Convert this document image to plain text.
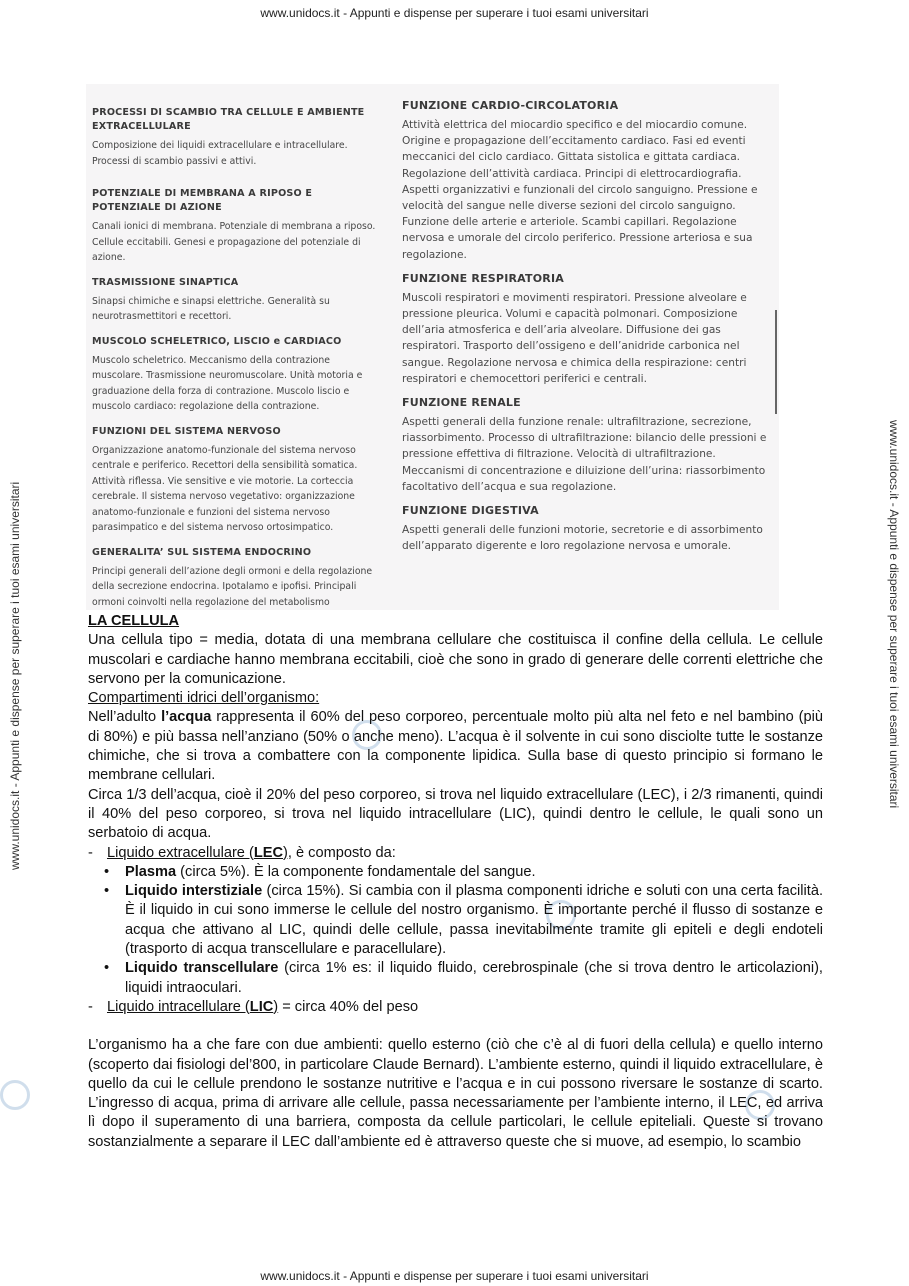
www.unidocs.it - Appunti e dispense per superare i tuoi esami universitari
www.unidocs.it - Appunti e dispense per superare i tuoi esami universitari
www.unidocs.it - Appunti e dispense per superare i tuoi esami universitari	www.unidocs.it - Appunti e dispense per superare i tuoi esami universitari
PROCESSI DI SCAMBIO TRA CELLULE E AMBIENTE EXTRACELLULARE
Composizione dei liquidi extracellulare e intracellulare. Processi di scambio passivi e attivi.
POTENZIALE DI MEMBRANA A RIPOSO E POTENZIALE DI AZIONE
Canali ionici di membrana. Potenziale di membrana a riposo. Cellule eccitabili. Genesi e propagazione del potenziale di azione.
TRASMISSIONE SINAPTICA
Sinapsi chimiche e sinapsi elettriche. Generalità su neurotrasmettitori e recettori.
MUSCOLO SCHELETRICO, LISCIO e CARDIACO
Muscolo scheletrico. Meccanismo della contrazione muscolare. Trasmissione neuromuscolare. Unità motoria e graduazione della forza di contrazione. Muscolo liscio e muscolo cardiaco: regolazione della contrazione.
FUNZIONI DEL SISTEMA NERVOSO
Organizzazione anatomo-funzionale del sistema nervoso centrale e periferico. Recettori della sensibilità somatica. Attività riflessa. Vie sensitive e vie motorie. La corteccia cerebrale. Il sistema nervoso vegetativo: organizzazione anatomo-funzionale e funzioni del sistema nervoso parasimpatico e del sistema nervoso ortosimpatico.
GENERALITA’ SUL SISTEMA ENDOCRINO
Principi generali dell’azione degli ormoni e della regolazione della secrezione endocrina. Ipotalamo e ipofisi. Principali ormoni coinvolti nella regolazione del metabolismo
FUNZIONE CARDIO-CIRCOLATORIA
Attività elettrica del miocardio specifico e del miocardio comune. Origine e propagazione dell’eccitamento cardiaco. Fasi ed eventi meccanici del ciclo cardiaco. Gittata sistolica e gittata cardiaca. Regolazione dell’attività cardiaca. Principi di elettrocardiografia. Aspetti organizzativi e funzionali del circolo sanguigno. Pressione e velocità del sangue nelle diverse sezioni del circolo sanguigno. Funzione delle arterie e arteriole. Scambi capillari. Regolazione nervosa e umorale del circolo periferico. Pressione arteriosa e sua regolazione.
FUNZIONE RESPIRATORIA
Muscoli respiratori e movimenti respiratori. Pressione alveolare e pressione pleurica. Volumi e capacità polmonari. Composizione dell’aria atmosferica e dell’aria alveolare. Diffusione dei gas respiratori. Trasporto dell’ossigeno e dell’anidride carbonica nel sangue. Regolazione nervosa e chimica della respirazione: centri respiratori e chemocettori periferici e centrali.
FUNZIONE RENALE
Aspetti generali della funzione renale: ultrafiltrazione, secrezione, riassorbimento. Processo di ultrafiltrazione: bilancio delle pressioni e pressione effettiva di filtrazione. Velocità di ultrafiltrazione. Meccanismi di concentrazione e diluizione dell’urina: riassorbimento facoltativo dell’acqua e sua regolazione.
FUNZIONE DIGESTIVA
Aspetti generali delle funzioni motorie, secretorie e di assorbimento dell’apparato digerente e loro regolazione nervosa e umorale.
LA CELLULA

Una cellula tipo = media, dotata di una membrana cellulare che costituisca il confine della cellula. Le cellule muscolari e cardiache hanno membrana eccitabili, cioè che sono in grado di generare delle correnti elettriche che servono per la comunicazione.

Compartimenti idrici dell’organismo:

Nell’adulto l’acqua rappresenta il 60% del peso corporeo, percentuale molto più alta nel feto e nel bambino (più di 80%) e più bassa nell’anziano (50% o anche meno). L’acqua è il solvente in cui sono disciolte tutte le sostanze chimiche, che si trova a combattere con la componente lipidica. Sulla base di questo principio si formano le membrane cellulari.

Circa 1/3 dell’acqua, cioè il 20% del peso corporeo, si trova nel liquido extracellulare (LEC), i 2/3 rimanenti, quindi il 40% del peso corporeo, si trova nel liquido intracellulare (LIC), quindi dentro le cellule, le quali sono un serbatoio di acqua.

- Liquido extracellulare (LEC), è composto da:
•	Plasma (circa 5%). È la componente fondamentale del sangue.
•	Liquido interstiziale (circa 15%). Si cambia con il plasma componenti idriche e soluti con una certa facilità. È il liquido in cui sono immerse le cellule del nostro organismo. È importante perché il flusso di sostanze e acqua che attivano al LIC, quindi delle cellule, passa inevitabilmente tramite gli epiteli e degli endoteli (trasporto di acqua transcellulare e paracellulare).
•	Liquido transcellulare (circa 1% es: il liquido fluido, cerebrospinale (che si trova dentro le articolazioni), liquidi intraoculari.
- Liquido intracellulare (LIC) = circa 40% del peso

L’organismo ha a che fare con due ambienti: quello esterno (ciò che c’è al di fuori della cellula) e quello interno (scoperto dai fisiologi del’800, in particolare Claude Bernard). L’ambiente esterno, quindi il liquido extracellulare, è quello da cui le cellule prendono le sostanze nutritive e l’acqua e in cui possono riversare le sostanze di scarto. L’ingresso di acqua, prima di arrivare alle cellule, passa necessariamente per l’ambiente interno, il LEC, ed arriva lì dopo il superamento di una barriera, composta da cellule particolari, le cellule epiteliali. Queste si trovano sostanzialmente a separare il LEC dall’ambiente ed è attraverso queste che si muove, ad esempio, lo scambio
